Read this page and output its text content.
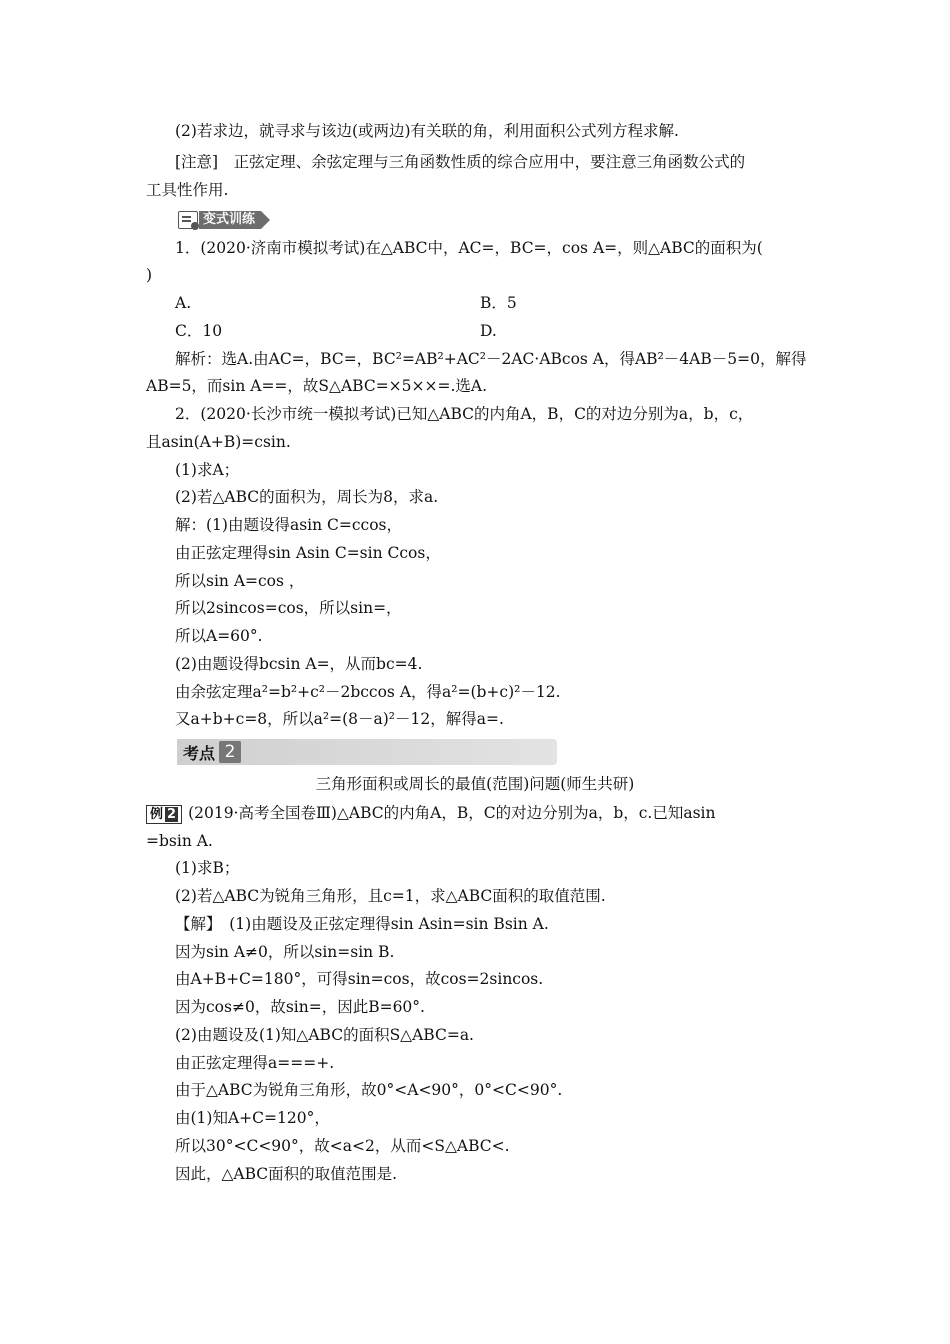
(2)若求边，就寻求与该边(或两边)有关联的角，利用面积公式列方程求解.
[注意]　正弦定理、余弦定理与三角函数性质的综合应用中，要注意三角函数公式的
工具性作用.
变式训练
1．(2020·济南市模拟考试)在△ABC中，AC=，BC=，cos A=，则△ABC的面积为(
)
A.	B．5
C．10	D.
解析：选A.由AC=，BC=，BC²=AB²+AC²－2AC·ABcos A，得AB²－4AB－5=0，解得
AB=5，而sin A==，故S△ABC=×5××=.选A.
2．(2020·长沙市统一模拟考试)已知△ABC的内角A，B，C的对边分别为a，b，c，
且asin(A+B)=csin.
(1)求A；
(2)若△ABC的面积为，周长为8，求a.
解：(1)由题设得asin C=ccos，
由正弦定理得sin Asin C=sin Ccos，
所以sin A=cos ，
所以2sincos=cos，所以sin=，
所以A=60°.
(2)由题设得bcsin A=，从而bc=4.
由余弦定理a²=b²+c²－2bccos A，得a²=(b+c)²－12.
又a+b+c=8，所以a²=(8－a)²－12，解得a=.
考点 2
三角形面积或周长的最值(范围)问题(师生共研)
例 2 (2019·高考全国卷Ⅲ)△ABC的内角A，B，C的对边分别为a，b，c.已知asin
=bsin A.
(1)求B；
(2)若△ABC为锐角三角形，且c=1，求△ABC面积的取值范围.
【解】　(1)由题设及正弦定理得sin Asin=sin Bsin A.
因为sin A≠0，所以sin=sin B.
由A+B+C=180°，可得sin=cos，故cos=2sincos.
因为cos≠0，故sin=，因此B=60°.
(2)由题设及(1)知△ABC的面积S△ABC=a.
由正弦定理得a===+.
由于△ABC为锐角三角形，故0°<A<90°，0°<C<90°.
由(1)知A+C=120°，
所以30°<C<90°，故<a<2，从而<S△ABC<.
因此，△ABC面积的取值范围是.
